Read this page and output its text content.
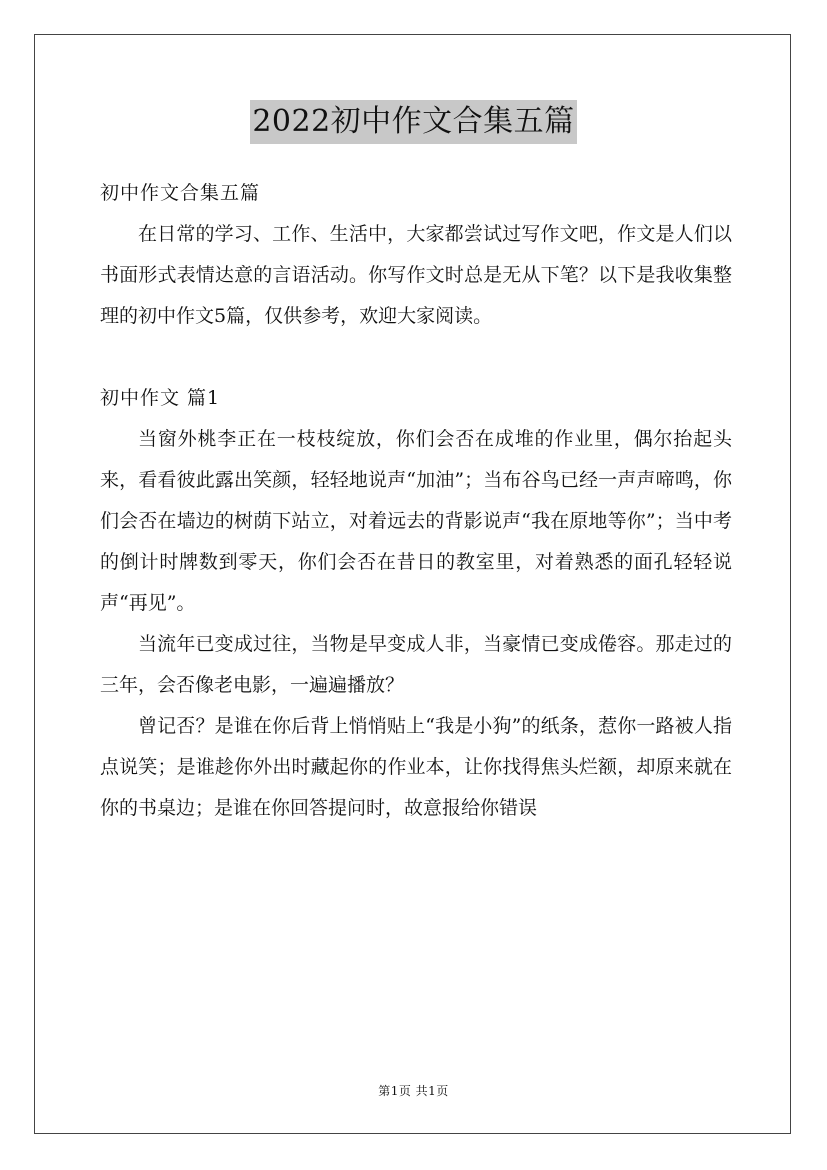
2022初中作文合集五篇

初中作文合集五篇

在日常的学习、工作、生活中，大家都尝试过写作文吧，作文是人们以书面形式表情达意的言语活动。你写作文时总是无从下笔？以下是我收集整理的初中作文5篇，仅供参考，欢迎大家阅读。

初中作文 篇1

当窗外桃李正在一枝枝绽放，你们会否在成堆的作业里，偶尔抬起头来，看看彼此露出笑颜，轻轻地说声“加油”；当布谷鸟已经一声声啼鸣，你们会否在墙边的树荫下站立，对着远去的背影说声“我在原地等你”；当中考的倒计时牌数到零天，你们会否在昔日的教室里，对着熟悉的面孔轻轻说声“再见”。

当流年已变成过往，当物是早变成人非，当豪情已变成倦容。那走过的三年，会否像老电影，一遍遍播放？

曾记否？是谁在你后背上悄悄贴上“我是小狗”的纸条，惹你一路被人指点说笑；是谁趁你外出时藏起你的作业本，让你找得焦头烂额，却原来就在你的书桌边；是谁在你回答提问时，故意报给你错误

第1页 共1页
